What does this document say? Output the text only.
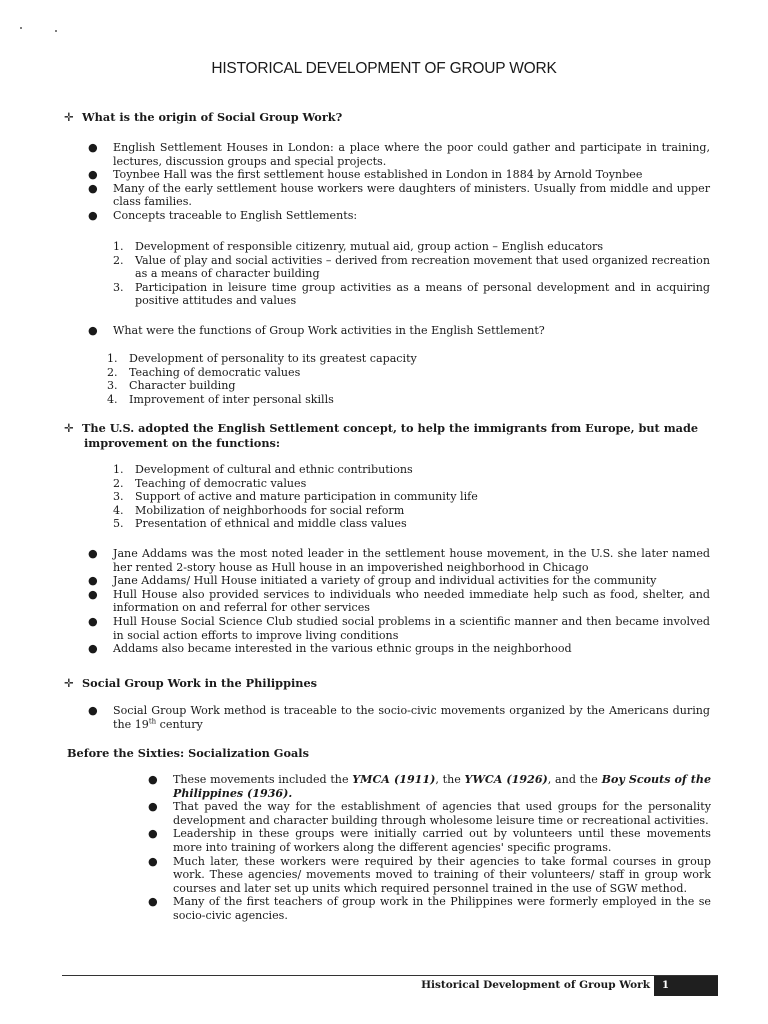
HISTORICAL DEVELOPMENT OF GROUP WORK
✛ What is the origin of Social Group Work?
● English Settlement Houses in London: a place where the poor could gather and participate in training, lectures, discussion groups and special projects.
● Toynbee Hall was the first settlement house established in London in 1884 by Arnold Toynbee
● Many of the early settlement house workers were daughters of ministers. Usually from middle and upper class families.
● Concepts traceable to English Settlements:
1. Development of responsible citizenry, mutual aid, group action – English educators
2. Value of play and social activities – derived from recreation movement that used organized recreation as a means of character building
3. Participation in leisure time group activities as a means of personal development and in acquiring positive attitudes and values
● What were the functions of Group Work activities in the English Settlement?
1. Development of personality to its greatest capacity
2. Teaching of democratic values
3. Character building
4. Improvement of inter personal skills
✛ The U.S. adopted the English Settlement concept, to help the immigrants from Europe, but made
improvement on the functions:
1. Development of cultural and ethnic contributions
2. Teaching of democratic values
3. Support of active and mature participation in community life
4. Mobilization of neighborhoods for social reform
5. Presentation of ethnical and middle class values
● Jane Addams was the most noted leader in the settlement house movement, in the U.S. she later named her rented 2-story house as Hull house in an impoverished neighborhood in Chicago
● Jane Addams/ Hull House initiated a variety of group and individual activities for the community
● Hull House also provided services to individuals who needed immediate help such as food, shelter, and information on and referral for other services
● Hull House Social Science Club studied social problems in a scientific manner and then became involved in social action efforts to improve living conditions
● Addams also became interested in the various ethnic groups in the neighborhood
✛ Social Group Work in the Philippines
● Social Group Work method is traceable to the socio-civic movements organized by the Americans during the 19th century
Before the Sixties: Socialization Goals
● These movements included the YMCA (1911), the YWCA (1926), and the Boy Scouts of the Philippines (1936).
● That paved the way for the establishment of agencies that used groups for the personality development and character building through wholesome leisure time or recreational activities.
● Leadership in these groups were initially carried out by volunteers until these movements more into training of workers along the different agencies' specific programs.
● Much later, these workers were required by their agencies to take formal courses in group work. These agencies/ movements moved to training of their volunteers/ staff in group work courses and later set up units which required personnel trained in the use of SGW method.
● Many of the first teachers of group work in the Philippines were formerly employed in the se socio-civic agencies.
Historical Development of Group Work	1
